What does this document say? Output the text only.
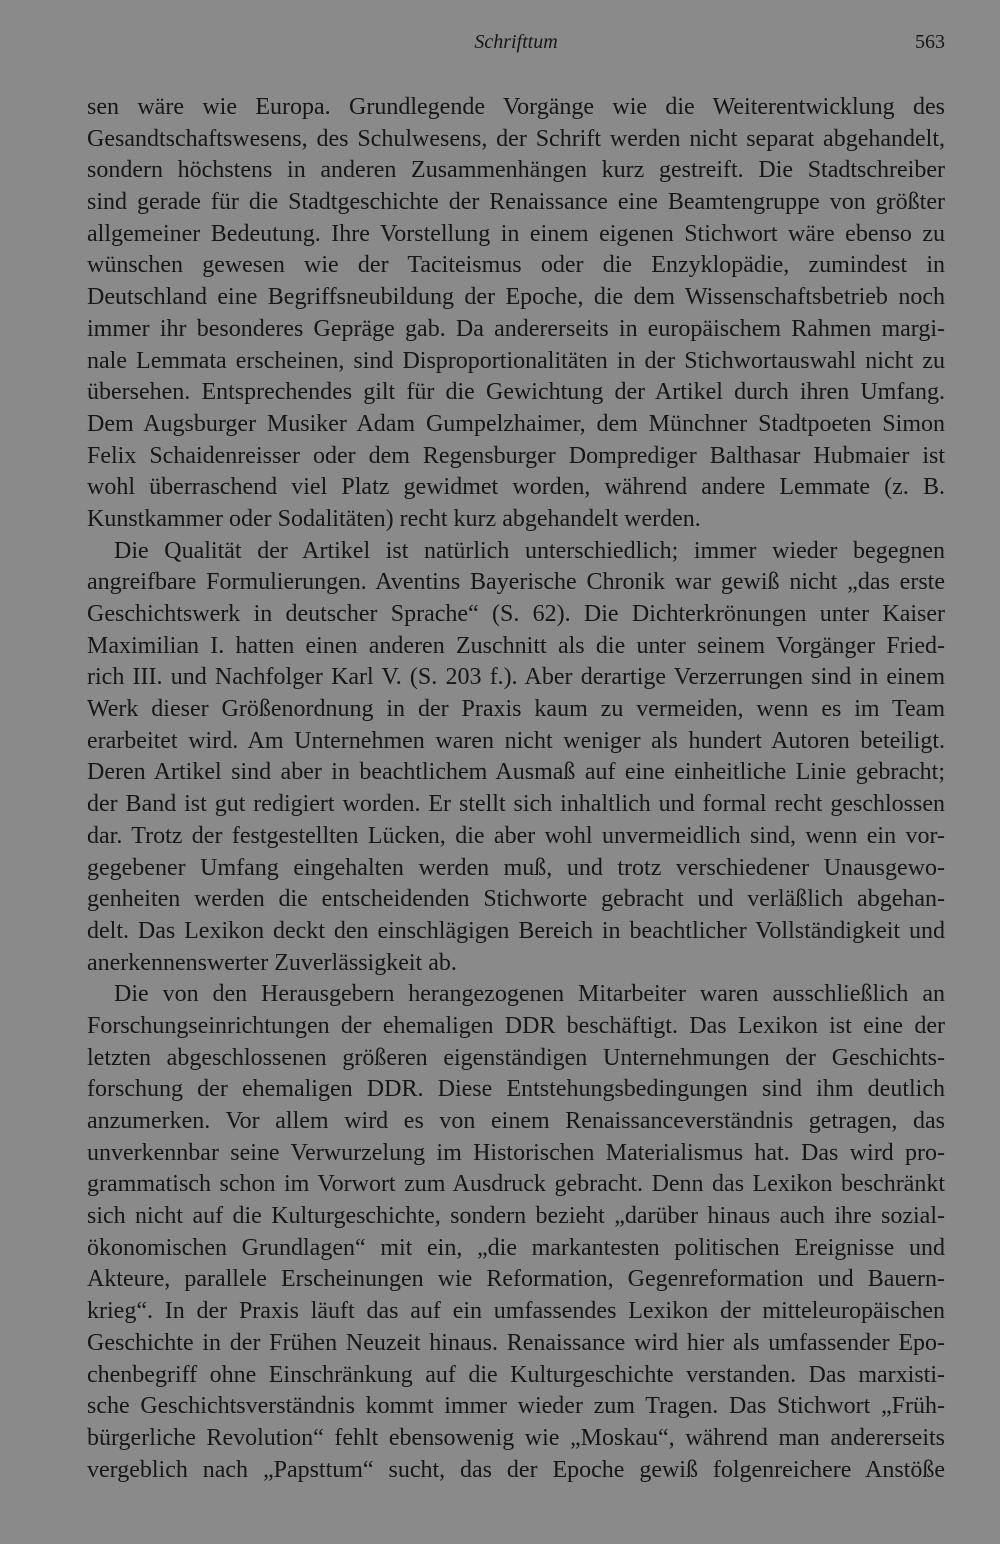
Schrifttum	563
sen wäre wie Europa. Grundlegende Vorgänge wie die Weiterentwicklung des
Gesandtschaftswesens, des Schulwesens, der Schrift werden nicht separat abgehandelt,
sondern höchstens in anderen Zusammenhängen kurz gestreift. Die Stadtschreiber
sind gerade für die Stadtgeschichte der Renaissance eine Beamtengruppe von größter
allgemeiner Bedeutung. Ihre Vorstellung in einem eigenen Stichwort wäre ebenso zu
wünschen gewesen wie der Taciteismus oder die Enzyklopädie, zumindest in
Deutschland eine Begriffsneubildung der Epoche, die dem Wissenschaftsbetrieb noch
immer ihr besonderes Gepräge gab. Da andererseits in europäischem Rahmen margi-
nale Lemmata erscheinen, sind Disproportionalitäten in der Stichwortauswahl nicht zu
übersehen. Entsprechendes gilt für die Gewichtung der Artikel durch ihren Umfang.
Dem Augsburger Musiker Adam Gumpelzhaimer, dem Münchner Stadtpoeten Simon
Felix Schaidenreisser oder dem Regensburger Domprediger Balthasar Hubmaier ist
wohl überraschend viel Platz gewidmet worden, während andere Lemmate (z. B.
Kunstkammer oder Sodalitäten) recht kurz abgehandelt werden.
Die Qualität der Artikel ist natürlich unterschiedlich; immer wieder begegnen
angreifbare Formulierungen. Aventins Bayerische Chronik war gewiß nicht „das erste
Geschichtswerk in deutscher Sprache“ (S. 62). Die Dichterkrönungen unter Kaiser
Maximilian I. hatten einen anderen Zuschnitt als die unter seinem Vorgänger Fried-
rich III. und Nachfolger Karl V. (S. 203 f.). Aber derartige Verzerrungen sind in einem
Werk dieser Größenordnung in der Praxis kaum zu vermeiden, wenn es im Team
erarbeitet wird. Am Unternehmen waren nicht weniger als hundert Autoren beteiligt.
Deren Artikel sind aber in beachtlichem Ausmaß auf eine einheitliche Linie gebracht;
der Band ist gut redigiert worden. Er stellt sich inhaltlich und formal recht geschlossen
dar. Trotz der festgestellten Lücken, die aber wohl unvermeidlich sind, wenn ein vor-
gegebener Umfang eingehalten werden muß, und trotz verschiedener Unausgewo-
genheiten werden die entscheidenden Stichworte gebracht und verläßlich abgehan-
delt. Das Lexikon deckt den einschlägigen Bereich in beachtlicher Vollständigkeit und
anerkennenswerter Zuverlässigkeit ab.
Die von den Herausgebern herangezogenen Mitarbeiter waren ausschließlich an
Forschungseinrichtungen der ehemaligen DDR beschäftigt. Das Lexikon ist eine der
letzten abgeschlossenen größeren eigenständigen Unternehmungen der Geschichts-
forschung der ehemaligen DDR. Diese Entstehungsbedingungen sind ihm deutlich
anzumerken. Vor allem wird es von einem Renaissanceverständnis getragen, das
unverkennbar seine Verwurzelung im Historischen Materialismus hat. Das wird pro-
grammatisch schon im Vorwort zum Ausdruck gebracht. Denn das Lexikon beschränkt
sich nicht auf die Kulturgeschichte, sondern bezieht „darüber hinaus auch ihre sozial-
ökonomischen Grundlagen“ mit ein, „die markantesten politischen Ereignisse und
Akteure, parallele Erscheinungen wie Reformation, Gegenreformation und Bauern-
krieg“. In der Praxis läuft das auf ein umfassendes Lexikon der mitteleuropäischen
Geschichte in der Frühen Neuzeit hinaus. Renaissance wird hier als umfassender Epo-
chenbegriff ohne Einschränkung auf die Kulturgeschichte verstanden. Das marxisti-
sche Geschichtsverständnis kommt immer wieder zum Tragen. Das Stichwort „Früh-
bürgerliche Revolution“ fehlt ebensowenig wie „Moskau“, während man andererseits
vergeblich nach „Papsttum“ sucht, das der Epoche gewiß folgenreichere Anstöße
